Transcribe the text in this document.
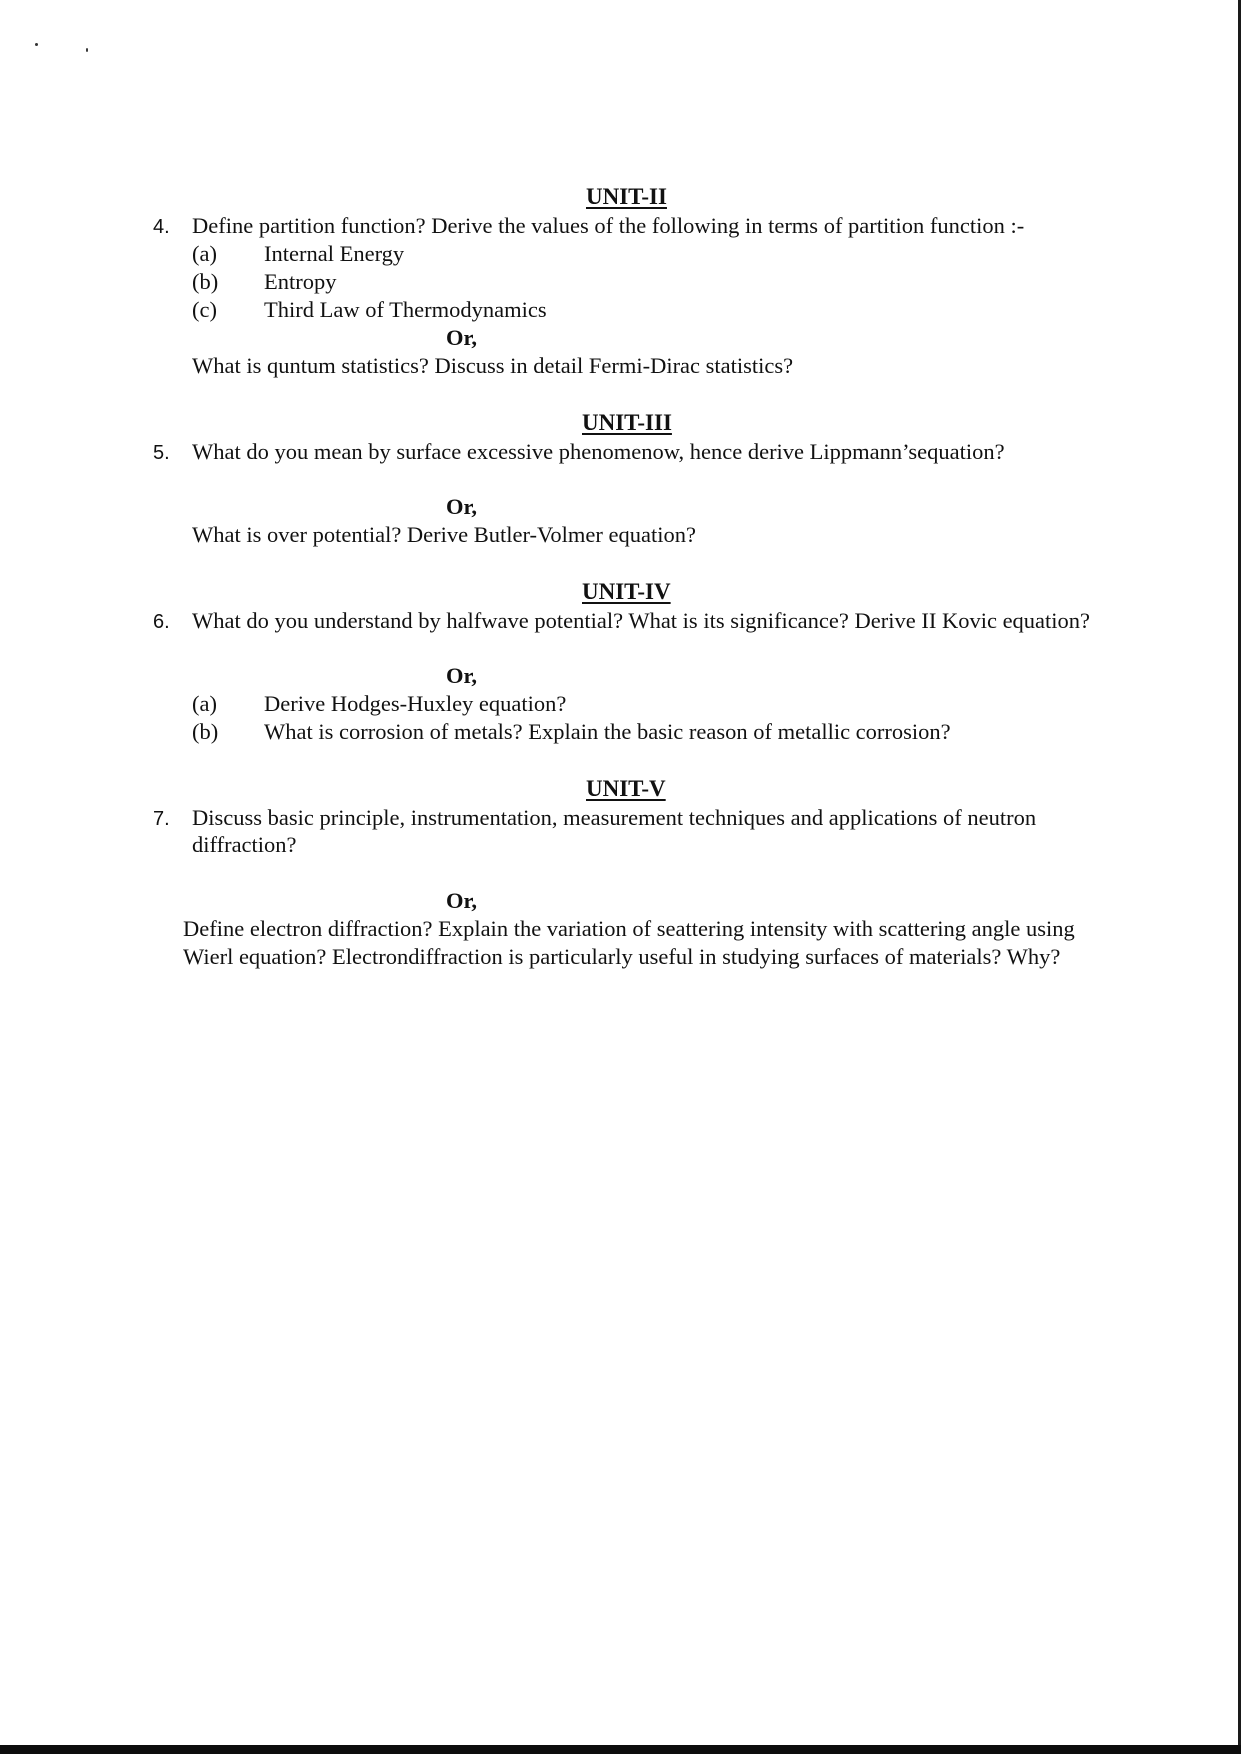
UNIT-II
4. Define partition function? Derive the values of the following in terms of partition function :-
(a) Internal Energy
(b) Entropy
(c) Third Law of Thermodynamics
Or,
What is quntum statistics? Discuss in detail Fermi-Dirac statistics?
UNIT-III
5. What do you mean by surface excessive phenomenow, hence derive Lippmann’sequation?
Or,
What is over potential? Derive Butler-Volmer equation?
UNIT-IV
6. What do you understand by halfwave potential? What is its significance? Derive II Kovic equation?
Or,
(a) Derive Hodges-Huxley equation?
(b) What is corrosion of metals? Explain the basic reason of metallic corrosion?
UNIT-V
7. Discuss basic principle, instrumentation, measurement techniques and applications of neutron
diffraction?
Or,
Define electron diffraction? Explain the variation of seattering intensity with scattering angle using
Wierl equation? Electrondiffraction is particularly useful in studying surfaces of materials? Why?
